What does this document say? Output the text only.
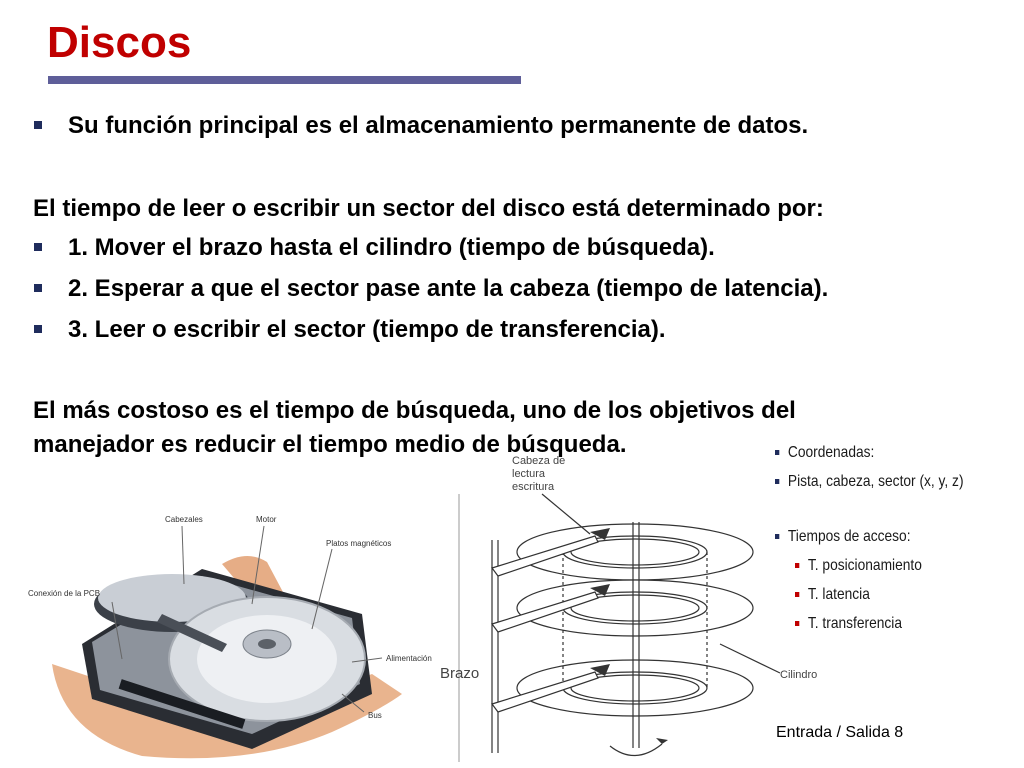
Discos
Su función principal es el almacenamiento permanente de datos.
El tiempo de leer o escribir un sector del disco está determinado por:
1. Mover el brazo hasta el cilindro (tiempo de búsqueda).
2. Esperar a que el sector pase ante la cabeza (tiempo de latencia).
3. Leer o escribir el sector (tiempo de transferencia).
El más costoso es el tiempo de búsqueda, uno de los objetivos del
manejador es reducir el tiempo medio de búsqueda.
Cabezales	Motor
Platos magnéticos
Conexión de la PCB
Alimentación
Bus
Cabeza de
lectura
escritura
Brazo	Cilindro
Coordenadas:
Pista, cabeza, sector (x, y, z)
Tiempos de acceso:
T. posicionamiento
T. latencia
T. transferencia
Entrada / Salida 8
